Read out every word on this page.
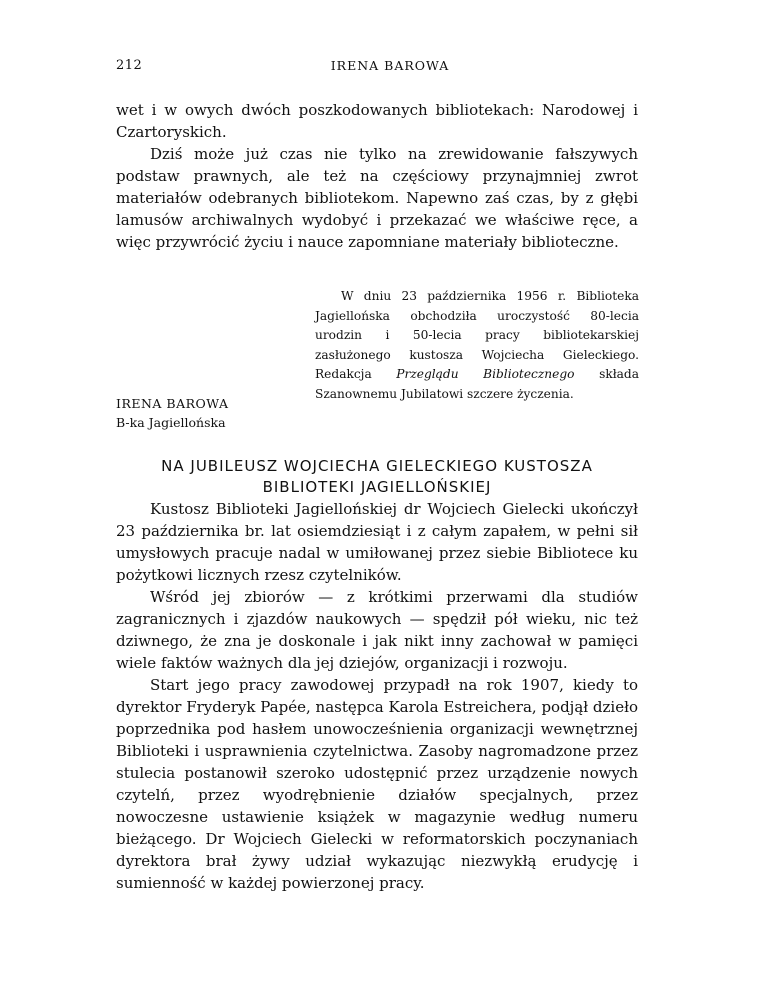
212	IRENA BAROWA

wet i w owych dwóch poszkodowanych bibliotekach: Narodowej i Czartoryskich.

Dziś może już czas nie tylko na zrewidowanie fałszywych podstaw prawnych, ale też na częściowy przynajmniej zwrot materiałów odebranych bibliotekom. Napewno zaś czas, by z głębi lamusów archiwalnych wydobyć i przekazać we właściwe ręce, a więc przywrócić życiu i nauce zapomniane materiały biblioteczne.

W dniu 23 października 1956 r. Biblioteka Jagiellońska obchodziła uroczystość 80-lecia urodzin i 50-lecia pracy bibliotekarskiej zasłużonego kustosza Wojciecha Gieleckiego. Redakcja Przeglądu Bibliotecznego składa Szanownemu Jubilatowi szczere życzenia.

IRENA BAROWA
B-ka Jagiellońska
NA JUBILEUSZ WOJCIECHA GIELECKIEGO KUSTOSZA
BIBLIOTEKI JAGIELLOŃSKIEJ

Kustosz Biblioteki Jagiellońskiej dr Wojciech Gielecki ukończył 23 października br. lat osiemdziesiąt i z całym zapałem, w pełni sił umysłowych pracuje nadal w umiłowanej przez siebie Bibliotece ku pożytkowi licznych rzesz czytelników.

Wśród jej zbiorów — z krótkimi przerwami dla studiów zagranicznych i zjazdów naukowych — spędził pół wieku, nic też dziwnego, że zna je doskonale i jak nikt inny zachował w pamięci wiele faktów ważnych dla jej dziejów, organizacji i rozwoju.

Start jego pracy zawodowej przypadł na rok 1907, kiedy to dyrektor Fryderyk Papée, następca Karola Estreichera, podjął dzieło poprzednika pod hasłem unowocześnienia organizacji wewnętrznej Biblioteki i usprawnienia czytelnictwa. Zasoby nagromadzone przez stulecia postanowił szeroko udostępnić przez urządzenie nowych czytelń, przez wyodrębnienie działów specjalnych, przez nowoczesne ustawienie książek w magazynie według numeru bieżącego. Dr Wojciech Gielecki w reformatorskich poczynaniach dyrektora brał żywy udział wykazując niezwykłą erudycję i sumienność w każdej powierzonej pracy.
